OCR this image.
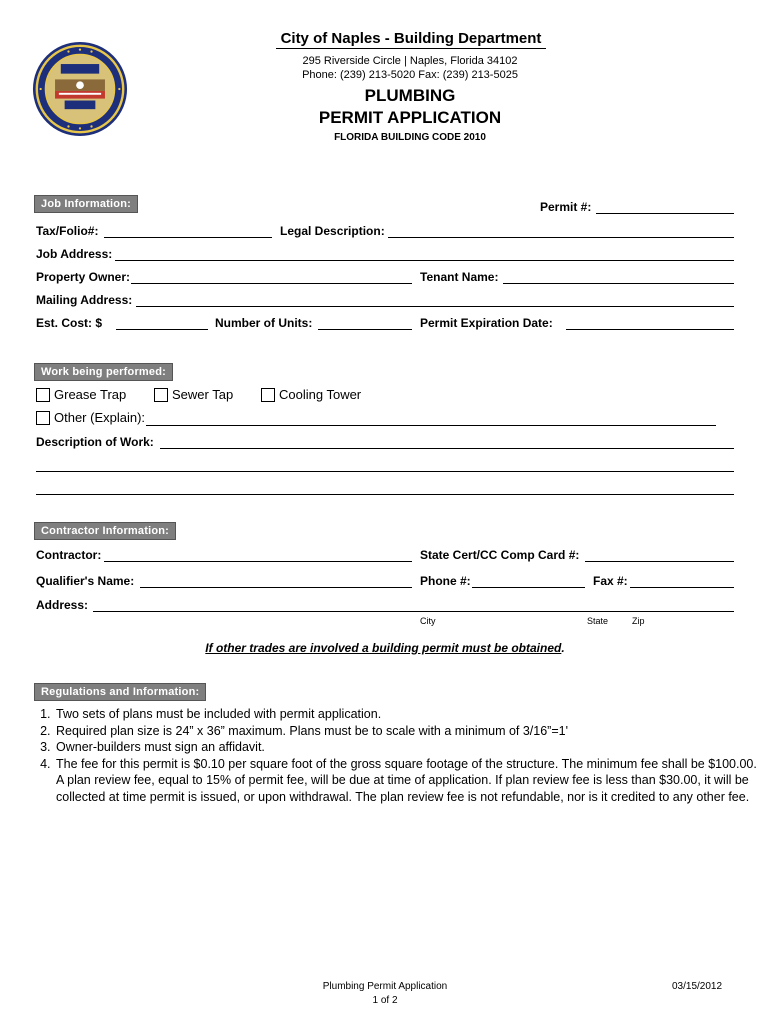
City of Naples - Building Department
295 Riverside Circle | Naples, Florida 34102
Phone: (239) 213-5020 Fax: (239) 213-5025
PLUMBING
PERMIT APPLICATION
FLORIDA BUILDING CODE 2010
Job Information:	Permit #:
Tax/Folio#:	Legal Description:
Job Address:
Property Owner:	Tenant Name:
Mailing Address:
Est. Cost: $	Number of Units:	Permit Expiration Date:
Work being performed:
Grease Trap	Sewer Tap	Cooling Tower
Other (Explain):
Description of Work:
Contractor Information:
Contractor:	State Cert/CC Comp Card #:
Qualifier's Name:	Phone #:	Fax #:
Address:
City	State	Zip
If other trades are involved a building permit must be obtained.
Regulations and Information:
1. Two sets of plans must be included with permit application.
2. Required plan size is 24” x 36” maximum. Plans must be to scale with a minimum of 3/16”=1'
3. Owner-builders must sign an affidavit.
4. The fee for this permit is $0.10 per square foot of the gross square footage of the structure. The minimum fee shall be $100.00. A plan review fee, equal to 15% of permit fee, will be due at time of application. If plan review fee is less than $30.00, it will be collected at time permit is issued, or upon withdrawal. The plan review fee is not refundable, nor is it credited to any other fee.
Plumbing Permit Application
1 of 2
03/15/2012
